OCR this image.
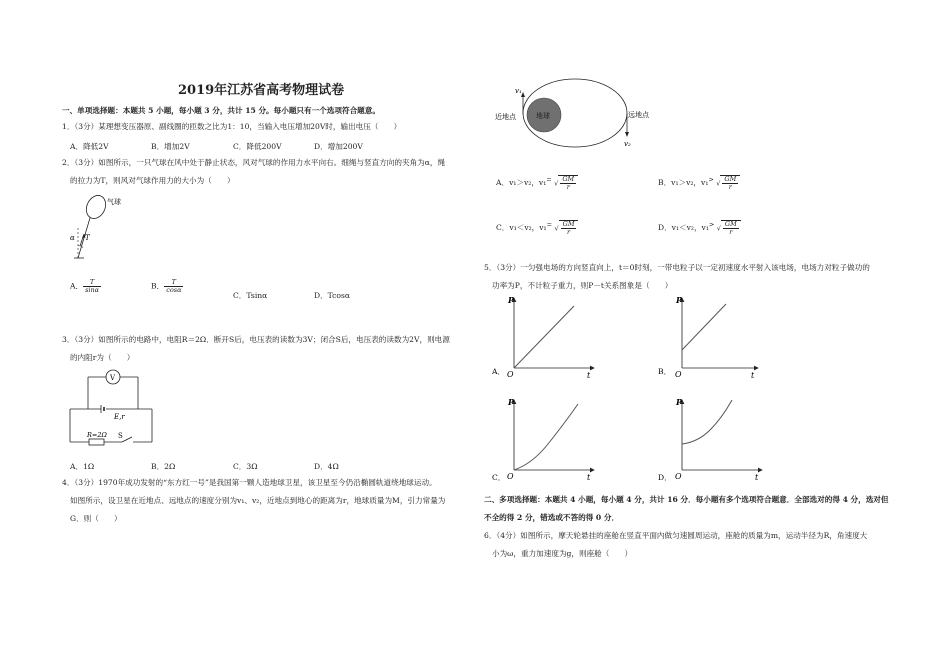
2019年江苏省高考物理试卷
一、单项选择题：本题共 5 小题，每小题 3 分，共计 15 分。每小题只有一个选项符合题意。
1．（3分）某理想变压器原、副线圈的匝数之比为1：10，当输入电压增加20V时，输出电压（　　）
A．降低2V	B．增加2V	C．降低200V	D．增加200V
2．（3分）如图所示，一只气球在风中处于静止状态，风对气球的作用力水平向右。细绳与竖直方向的夹角为α，绳
的拉力为T，则风对气球作用力的大小为（　　）
气球
α T
A． $\frac{T}{\sin\alpha}$	B． $\frac{T}{\cos\alpha}$
C．Tsinα	D．Tcosα
3．（3分）如图所示的电路中，电阻R＝2Ω．断开S后，电压表的读数为3V；闭合S后，电压表的读数为2V，则电源
的内阻r为（　　）
V
E,r
R=2Ω S
A．1Ω	B．2Ω	C．3Ω	D．4Ω
4．（3分）1970年成功发射的“东方红一号”是我国第一颗人造地球卫星，该卫星至今仍沿椭圆轨道绕地球运动。
如图所示，设卫星在近地点、远地点的速度分别为v₁、v₂，近地点到地心的距离为r，地球质量为M，引力常量为
G．则（　　）
地球
v₁
近地点
v₂
远地点
A．v₁＞v₂，v₁= √ $\frac{GM}{r}$	B．v₁＞v₂，v₁> √ $\frac{GM}{r}$
C．v₁＜v₂，v₁= √ $\frac{GM}{r}$	D．v₁＜v₂，v₁> √ $\frac{GM}{r}$
5．（3分）一匀强电场的方向竖直向上，t＝0时刻，一带电粒子以一定初速度水平射入该电场，电场力对粒子做功的
功率为P，不计粒子重力，则P－t关系图象是（　　）
P
t
O
A．
P
t
O
B．
P
t
O
C．
P
t
O
D．
二、多项选择题：本题共 4 小题，每小题 4 分，共计 16 分．每小题有多个选项符合题意．全部选对的得 4 分，选对但
不全的得 2 分，错选或不答的得 0 分．
6．（4分）如图所示，摩天轮悬挂的座舱在竖直平面内做匀速圆周运动，座舱的质量为m，运动半径为R，角速度大
小为ω，重力加速度为g，则座舱（　　）
